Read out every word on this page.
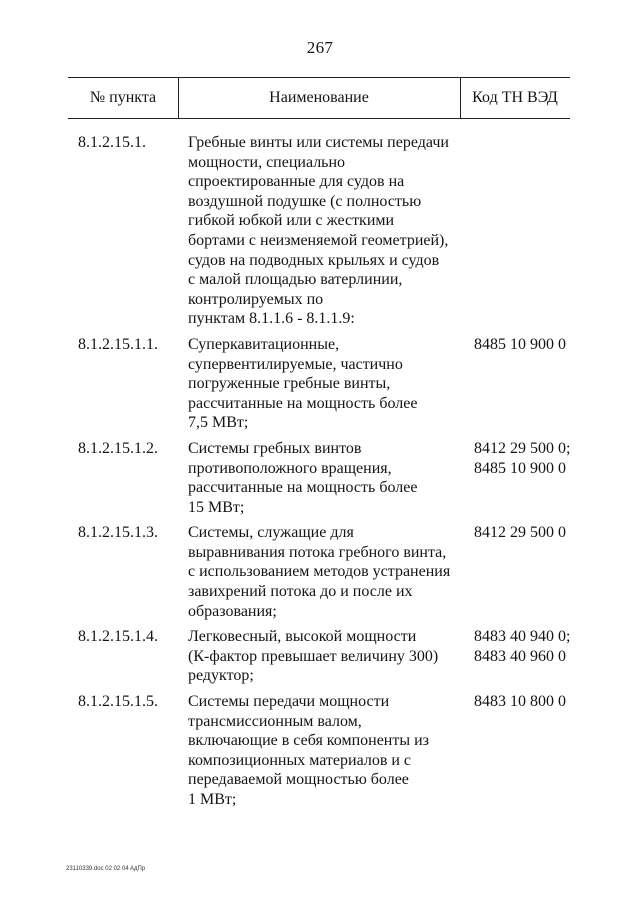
267
№ пункта	Наименование	Код ТН ВЭД
8.1.2.15.1.	Гребные винты или системы передачи
мощности, специально
спроектированные для судов на
воздушной подушке (с полностью
гибкой юбкой или с жесткими
бортами с неизменяемой геометрией),
судов на подводных крыльях и судов
с малой площадью ватерлинии,
контролируемых по
пунктам 8.1.1.6 - 8.1.1.9:
8.1.2.15.1.1.	Суперкавитационные,
супервентилируемые, частично
погруженные гребные винты,
рассчитанные на мощность более
7,5 МВт;
8485 10 900 0
8.1.2.15.1.2.	Системы гребных винтов
противоположного вращения,
рассчитанные на мощность более
15 МВт;
8412 29 500 0;
8485 10 900 0
8.1.2.15.1.3.	Системы, служащие для
выравнивания потока гребного винта,
с использованием методов устранения
завихрений потока до и после их
образования;
8412 29 500 0
8.1.2.15.1.4.	Легковесный, высокой мощности
(К-фактор превышает величину 300)
редуктор;
8483 40 940 0;
8483 40 960 0
8.1.2.15.1.5.	Системы передачи мощности
трансмиссионным валом,
включающие в себя компоненты из
композиционных материалов и с
передаваемой мощностью более
1 МВт;
8483 10 800 0
23110339.doc 02 02 04 AдПр
